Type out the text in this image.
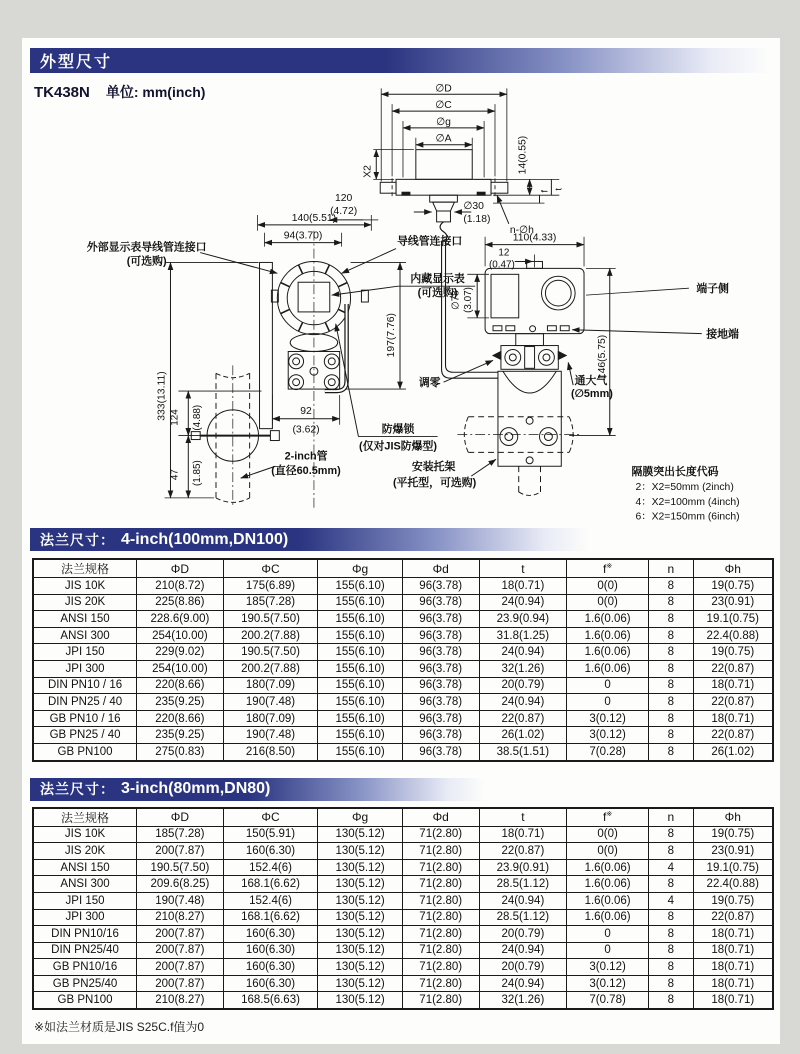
外型尺寸
TK438N 单位: mm(inch)	∅D
∅C
∅g
∅A
X2	14(0.55)
f
t
∅30
(1.18)
n-∅h
120
(4.72)
140(5.51)
94(3.70)
333(13.11) 124 (4.88)
47 (1.85)
92
(3.62)
197(7.76)
外部显示表导线管连接口
(可选购)
导线管连接口
内藏显示表
(可选购)
防爆锁
(仅对JIS防爆型)
2-inch管
(直径60.5mm)	安装托架
(平托型，可选购)
110(4.33)
12
(0.47)
∅78 (3.07)
146(5.75)
端子侧
接地端
调零	通大气
(∅5mm)
隔膜突出长度代码
2：X2=50mm (2inch)
4：X2=100mm (4inch)
6：X2=150mm (6inch)
法兰尺寸： 4-inch(100mm,DN100)
法兰规格	ΦD	ΦC	Φg	Φd	t	f※	n	Φh
JIS 10K	210(8.72)	175(6.89)	155(6.10)	96(3.78)	18(0.71)	0(0)	8	19(0.75)
JIS 20K	225(8.86)	185(7.28)	155(6.10)	96(3.78)	24(0.94)	0(0)	8	23(0.91)
ANSI 150	228.6(9.00)	190.5(7.50)	155(6.10)	96(3.78)	23.9(0.94)	1.6(0.06)	8	19.1(0.75)
ANSI 300	254(10.00)	200.2(7.88)	155(6.10)	96(3.78)	31.8(1.25)	1.6(0.06)	8	22.4(0.88)
JPI 150	229(9.02)	190.5(7.50)	155(6.10)	96(3.78)	24(0.94)	1.6(0.06)	8	19(0.75)
JPI 300	254(10.00)	200.2(7.88)	155(6.10)	96(3.78)	32(1.26)	1.6(0.06)	8	22(0.87)
DIN PN10 / 16	220(8.66)	180(7.09)	155(6.10)	96(3.78)	20(0.79)	0	8	18(0.71)
DIN PN25 / 40	235(9.25)	190(7.48)	155(6.10)	96(3.78)	24(0.94)	0	8	22(0.87)
GB PN10 / 16	220(8.66)	180(7.09)	155(6.10)	96(3.78)	22(0.87)	3(0.12)	8	18(0.71)
GB PN25 / 40	235(9.25)	190(7.48)	155(6.10)	96(3.78)	26(1.02)	3(0.12)	8	22(0.87)
GB PN100	275(0.83)	216(8.50)	155(6.10)	96(3.78)	38.5(1.51)	7(0.28)	8	26(1.02)
法兰尺寸： 3-inch(80mm,DN80)
法兰规格	ΦD	ΦC	Φg	Φd	t	f※	n	Φh
JIS 10K	185(7.28)	150(5.91)	130(5.12)	71(2.80)	18(0.71)	0(0)	8	19(0.75)
JIS 20K	200(7.87)	160(6.30)	130(5.12)	71(2.80)	22(0.87)	0(0)	8	23(0.91)
ANSI 150	190.5(7.50)	152.4(6)	130(5.12)	71(2.80)	23.9(0.91)	1.6(0.06)	4	19.1(0.75)
ANSI 300	209.6(8.25)	168.1(6.62)	130(5.12)	71(2.80)	28.5(1.12)	1.6(0.06)	8	22.4(0.88)
JPI 150	190(7.48)	152.4(6)	130(5.12)	71(2.80)	24(0.94)	1.6(0.06)	4	19(0.75)
JPI 300	210(8.27)	168.1(6.62)	130(5.12)	71(2.80)	28.5(1.12)	1.6(0.06)	8	22(0.87)
DIN PN10/16	200(7.87)	160(6.30)	130(5.12)	71(2.80)	20(0.79)	0	8	18(0.71)
DIN PN25/40	200(7.87)	160(6.30)	130(5.12)	71(2.80)	24(0.94)	0	8	18(0.71)
GB PN10/16	200(7.87)	160(6.30)	130(5.12)	71(2.80)	20(0.79)	3(0.12)	8	18(0.71)
GB PN25/40	200(7.87)	160(6.30)	130(5.12)	71(2.80)	24(0.94)	3(0.12)	8	18(0.71)
GB PN100	210(8.27)	168.5(6.63)	130(5.12)	71(2.80)	32(1.26)	7(0.78)	8	18(0.71)
※如法兰材质是JIS S25C.f值为0
